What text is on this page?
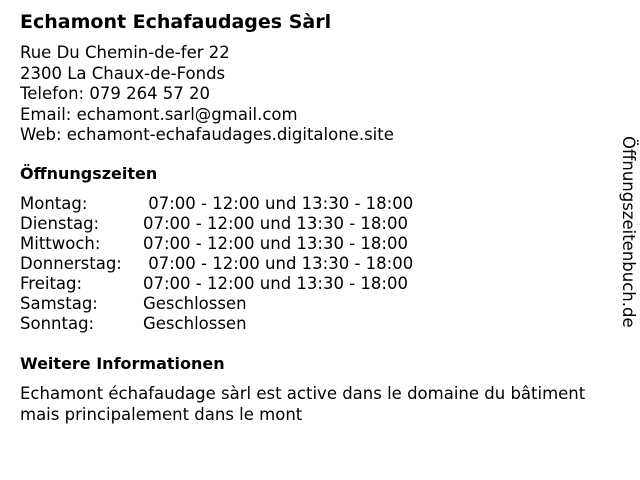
Echamont Echafaudages Sàrl
Rue Du Chemin-de-fer 22
2300 La Chaux-de-Fonds
Telefon: 079 264 57 20
Email: echamont.sarl@gmail.com
Web: echamont-echafaudages.digitalone.site
Öffnungszeiten
Montag:	07:00 - 12:00 und 13:30 - 18:00
Dienstag:	07:00 - 12:00 und 13:30 - 18:00
Mittwoch:	07:00 - 12:00 und 13:30 - 18:00
Donnerstag:	07:00 - 12:00 und 13:30 - 18:00
Freitag:	07:00 - 12:00 und 13:30 - 18:00
Samstag:	Geschlossen
Sonntag:	Geschlossen
Weitere Informationen
Echamont échafaudage sàrl est active dans le domaine du bâtiment
mais principalement dans le mont
Öffnungszeitenbuch.de
